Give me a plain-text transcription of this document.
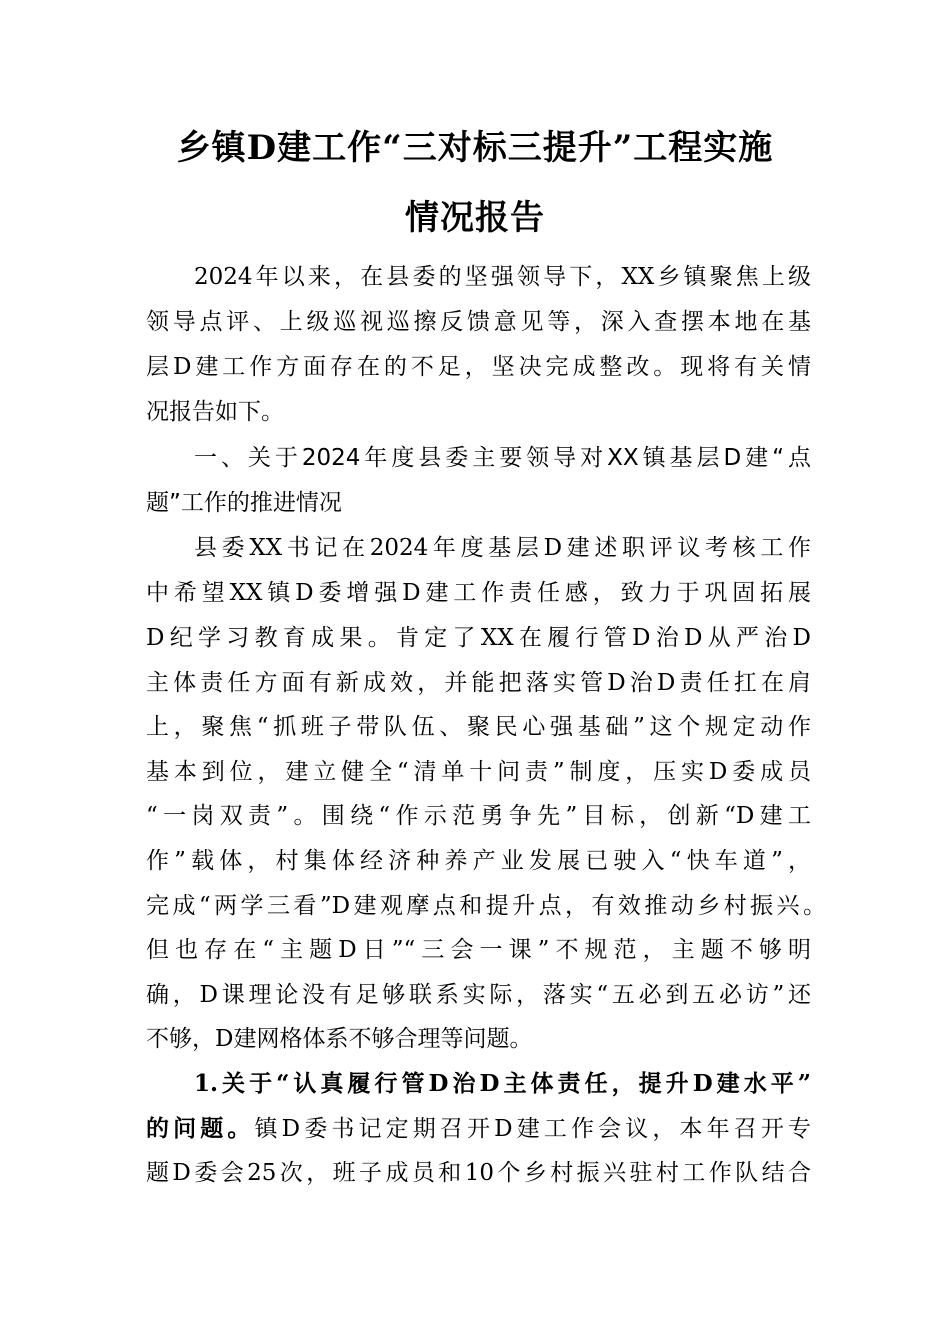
乡镇D建工作“三对标三提升”工程实施
情况报告
2024年以来，在县委的坚强领导下，XX乡镇聚焦上级
领导点评、上级巡视巡擦反馈意见等，深入查摆本地在基
层D建工作方面存在的不足，坚决完成整改。现将有关情
况报告如下。
一、关于2024年度县委主要领导对XX镇基层D建“点
题”工作的推进情况
县委XX书记在2024年度基层D建述职评议考核工作
中希望XX镇D委增强D建工作责任感，致力于巩固拓展
D纪学习教育成果。肯定了XX在履行管D治D从严治D
主体责任方面有新成效，并能把落实管D治D责任扛在肩
上，聚焦“抓班子带队伍、聚民心强基础”这个规定动作
基本到位，建立健全“清单十问责”制度，压实D委成员
“一岗双责”。围绕“作示范勇争先”目标，创新“D建工
作”载体，村集体经济种养产业发展已驶入“快车道”，
完成“两学三看”D建观摩点和提升点，有效推动乡村振兴。
但也存在“主题D日”“三会一课”不规范，主题不够明
确，D课理论没有足够联系实际，落实“五必到五必访”还
不够，D建网格体系不够合理等问题。
1.关于“认真履行管D治D主体责任，提升D建水平”
的问题。镇D委书记定期召开D建工作会议，本年召开专
题D委会25次，班子成员和10个乡村振兴驻村工作队结合
